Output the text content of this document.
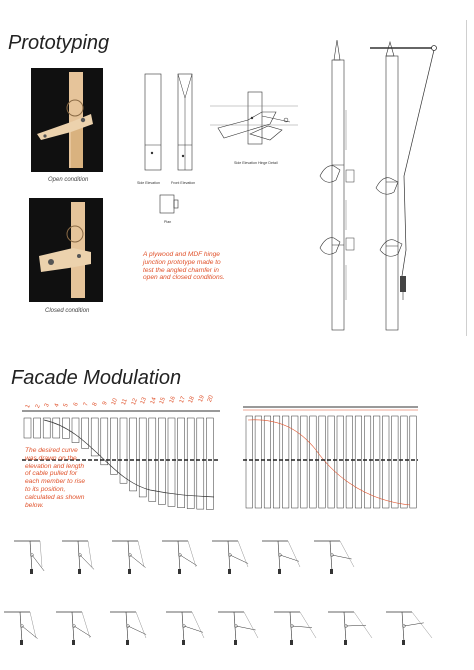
Prototyping
Open condition
Closed condition
Side Elevation	Front Elevation
Plan
Side Elevation Hinge Detail
A plywood and MDF hinge junction prototype made to test the angled chamfer in open and closed conditions.
Facade Modulation
1 2 3 4 5 6 7 8 9 10 11 12 13 14 15 16 17 18 19 20
The desired curve was drawn on the elevation and length of cable pulled for each member to rise to its position, calculated as shown below.
